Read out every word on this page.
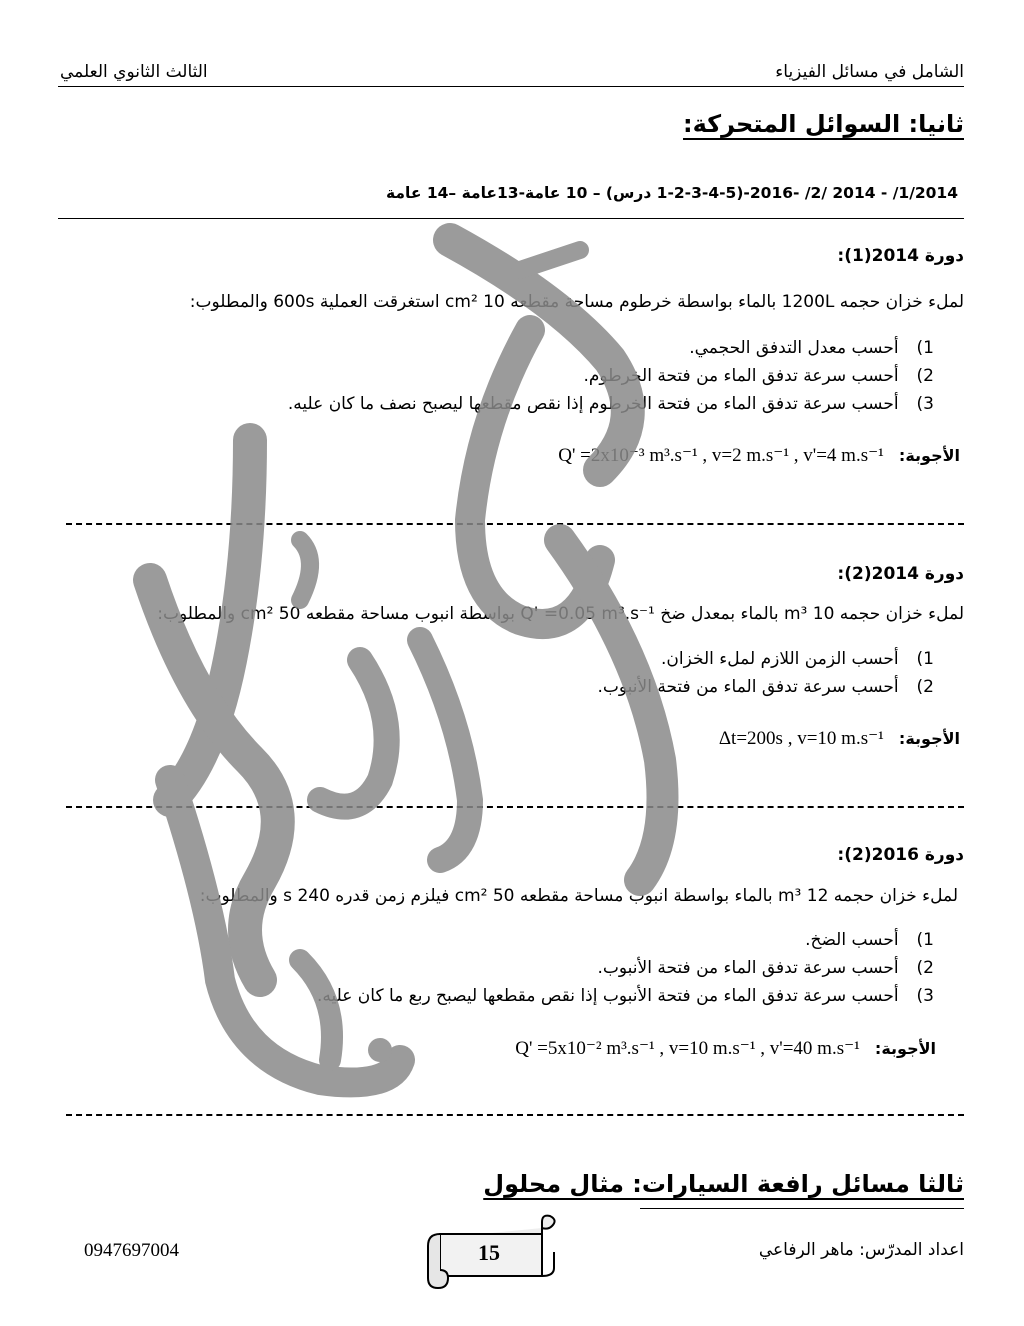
الشامل في مسائل الفيزياء
الثالث الثانوي العلمي
ثانيا: السوائل المتحركة:
1/2014/ - 2014 /2/ -2016-(1-2-3-4-5 درس) – 10 عامة-13عامة –14 عامة
دورة 2014(1):
لملء خزان حجمه 1200L بالماء بواسطة خرطوم مساحة مقطعه 10 cm² استغرقت العملية 600s والمطلوب:
1) أحسب معدل التدفق الحجمي.
2) أحسب سرعة تدفق الماء من فتحة الخرطوم.
3) أحسب سرعة تدفق الماء من فتحة الخرطوم إذا نقص مقطعها ليصبح نصف ما كان عليه.
الأجوبة: Q' =2x10⁻³ m³.s⁻¹ , v=2 m.s⁻¹ , v'=4 m.s⁻¹
دورة 2014(2):
لملء خزان حجمه 10 m³ بالماء بمعدل ضخ Q' =0.05 m³.s⁻¹ بواسطة انبوب مساحة مقطعه 50 cm² والمطلوب:
1) أحسب الزمن اللازم لملء الخزان.
2) أحسب سرعة تدفق الماء من فتحة الأنبوب.
الأجوبة: Δt=200s , v=10 m.s⁻¹
دورة 2016(2):
لملء خزان حجمه 12 m³ بالماء بواسطة انبوب مساحة مقطعه 50 cm² فيلزم زمن قدره 240 s والمطلوب:
1) أحسب الضخ.
2) أحسب سرعة تدفق الماء من فتحة الأنبوب.
3) أحسب سرعة تدفق الماء من فتحة الأنبوب إذا نقص مقطعها ليصبح ربع ما كان عليه.
الأجوبة: Q' =5x10⁻² m³.s⁻¹ , v=10 m.s⁻¹ , v'=40 m.s⁻¹
ثالثا مسائل رافعة السيارات: مثال محلول
اعداد المدرّس: ماهر الرفاعي
0947697004	15
